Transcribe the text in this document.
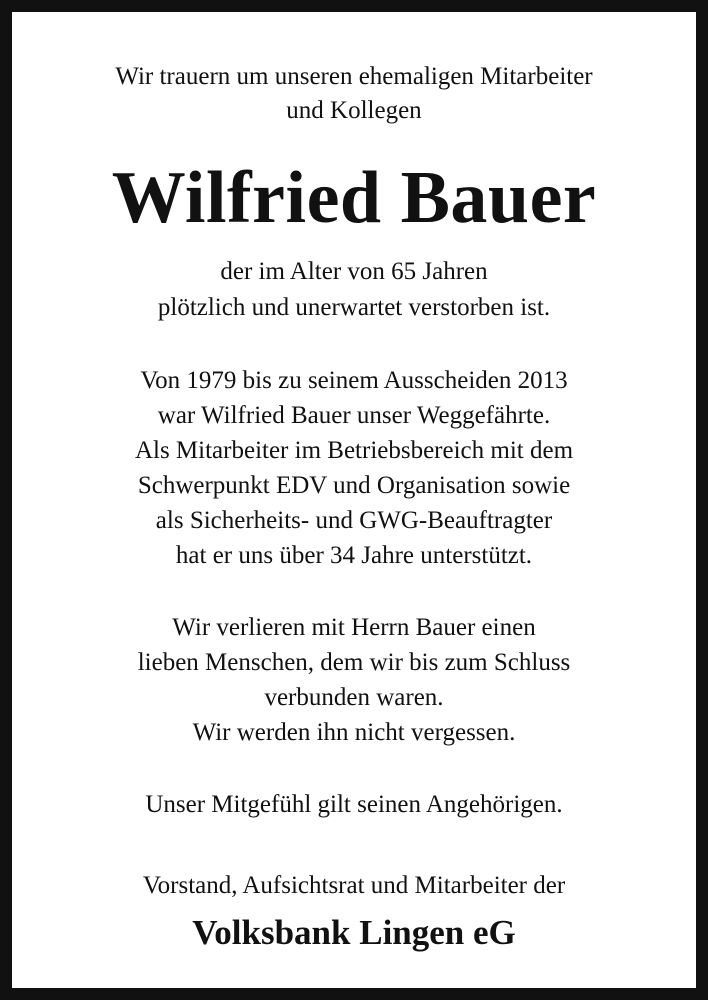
Wir trauern um unseren ehemaligen Mitarbeiter

und Kollegen

Wilfried Bauer

der im Alter von 65 Jahren

plötzlich und unerwartet verstorben ist.

Von 1979 bis zu seinem Ausscheiden 2013

war Wilfried Bauer unser Weggefährte.

Als Mitarbeiter im Betriebsbereich mit dem

Schwerpunkt EDV und Organisation sowie

als Sicherheits- und GWG-Beauftragter

hat er uns über 34 Jahre unterstützt.

Wir verlieren mit Herrn Bauer einen

lieben Menschen, dem wir bis zum Schluss

verbunden waren.

Wir werden ihn nicht vergessen.

Unser Mitgefühl gilt seinen Angehörigen.

Vorstand, Aufsichtsrat und Mitarbeiter der

Volksbank Lingen eG
